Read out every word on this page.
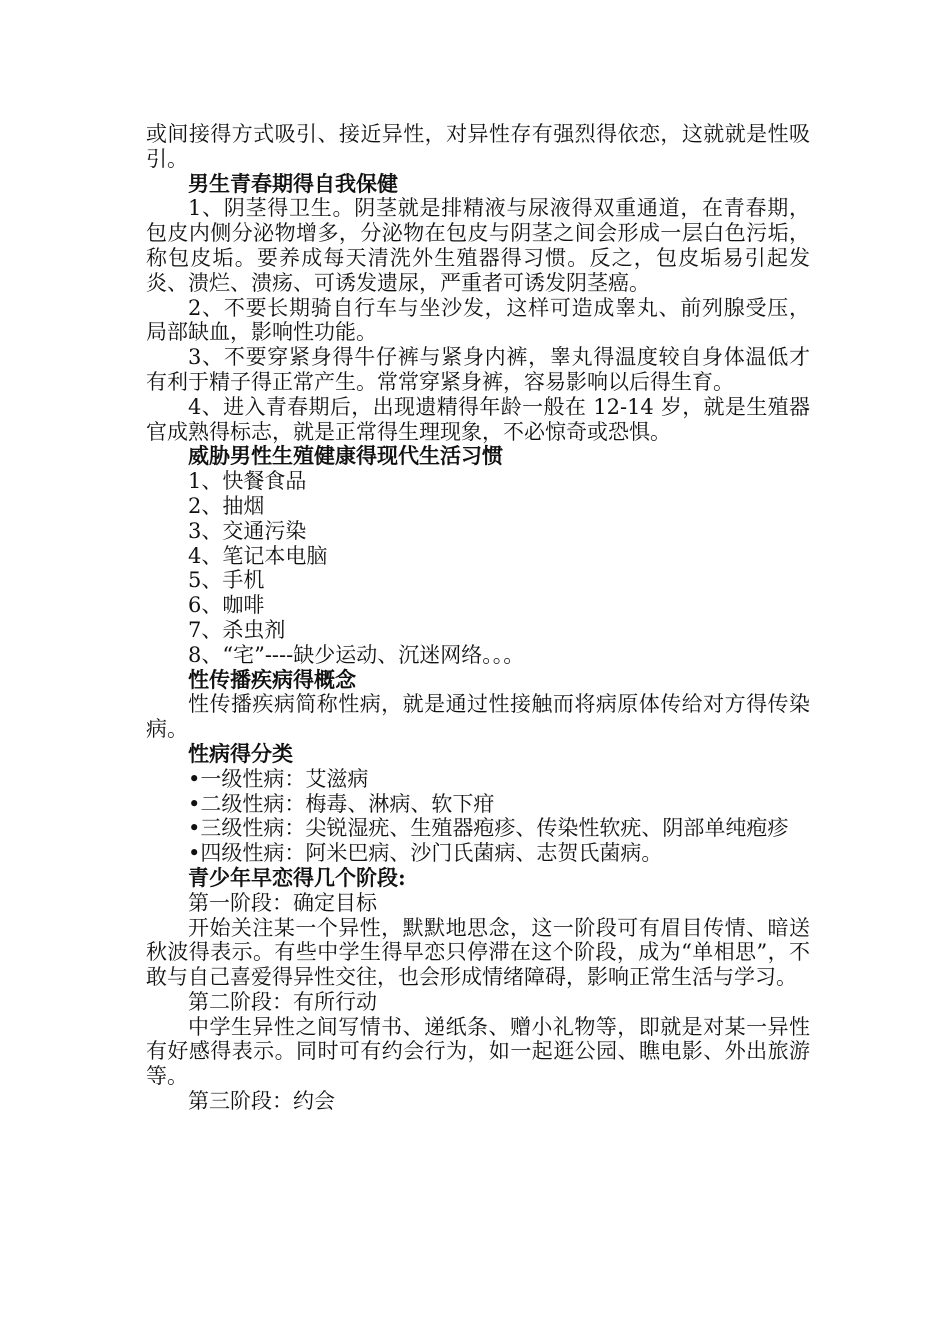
或间接得方式吸引、接近异性，对异性存有强烈得依恋，这就就是性吸引。

男生青春期得自我保健

1、阴茎得卫生。阴茎就是排精液与尿液得双重通道，在青春期，包皮内侧分泌物增多，分泌物在包皮与阴茎之间会形成一层白色污垢，称包皮垢。要养成每天清洗外生殖器得习惯。反之，包皮垢易引起发炎、溃烂、溃疡、可诱发遗尿，严重者可诱发阴茎癌。

2、不要长期骑自行车与坐沙发，这样可造成睾丸、前列腺受压，局部缺血，影响性功能。

3、不要穿紧身得牛仔裤与紧身内裤，睾丸得温度较自身体温低才有利于精子得正常产生。常常穿紧身裤，容易影响以后得生育。

4、进入青春期后，出现遗精得年龄一般在 12-14 岁，就是生殖器官成熟得标志，就是正常得生理现象，不必惊奇或恐惧。

威胁男性生殖健康得现代生活习惯

1、快餐食品

2、抽烟

3、交通污染

4、笔记本电脑

5、手机

6、咖啡

7、杀虫剂

8、“宅”----缺少运动、沉迷网络。。。

性传播疾病得概念

性传播疾病简称性病，就是通过性接触而将病原体传给对方得传染病。

性病得分类

•一级性病：艾滋病

•二级性病：梅毒、淋病、软下疳

•三级性病：尖锐湿疣、生殖器疱疹、传染性软疣、阴部单纯疱疹

•四级性病：阿米巴病、沙门氏菌病、志贺氏菌病。

青少年早恋得几个阶段:

第一阶段：确定目标

开始关注某一个异性，默默地思念，这一阶段可有眉目传情、暗送秋波得表示。有些中学生得早恋只停滞在这个阶段，成为“单相思”，不敢与自己喜爱得异性交往，也会形成情绪障碍，影响正常生活与学习。

第二阶段：有所行动

中学生异性之间写情书、递纸条、赠小礼物等，即就是对某一异性有好感得表示。同时可有约会行为，如一起逛公园、瞧电影、外出旅游等。

第三阶段：约会
